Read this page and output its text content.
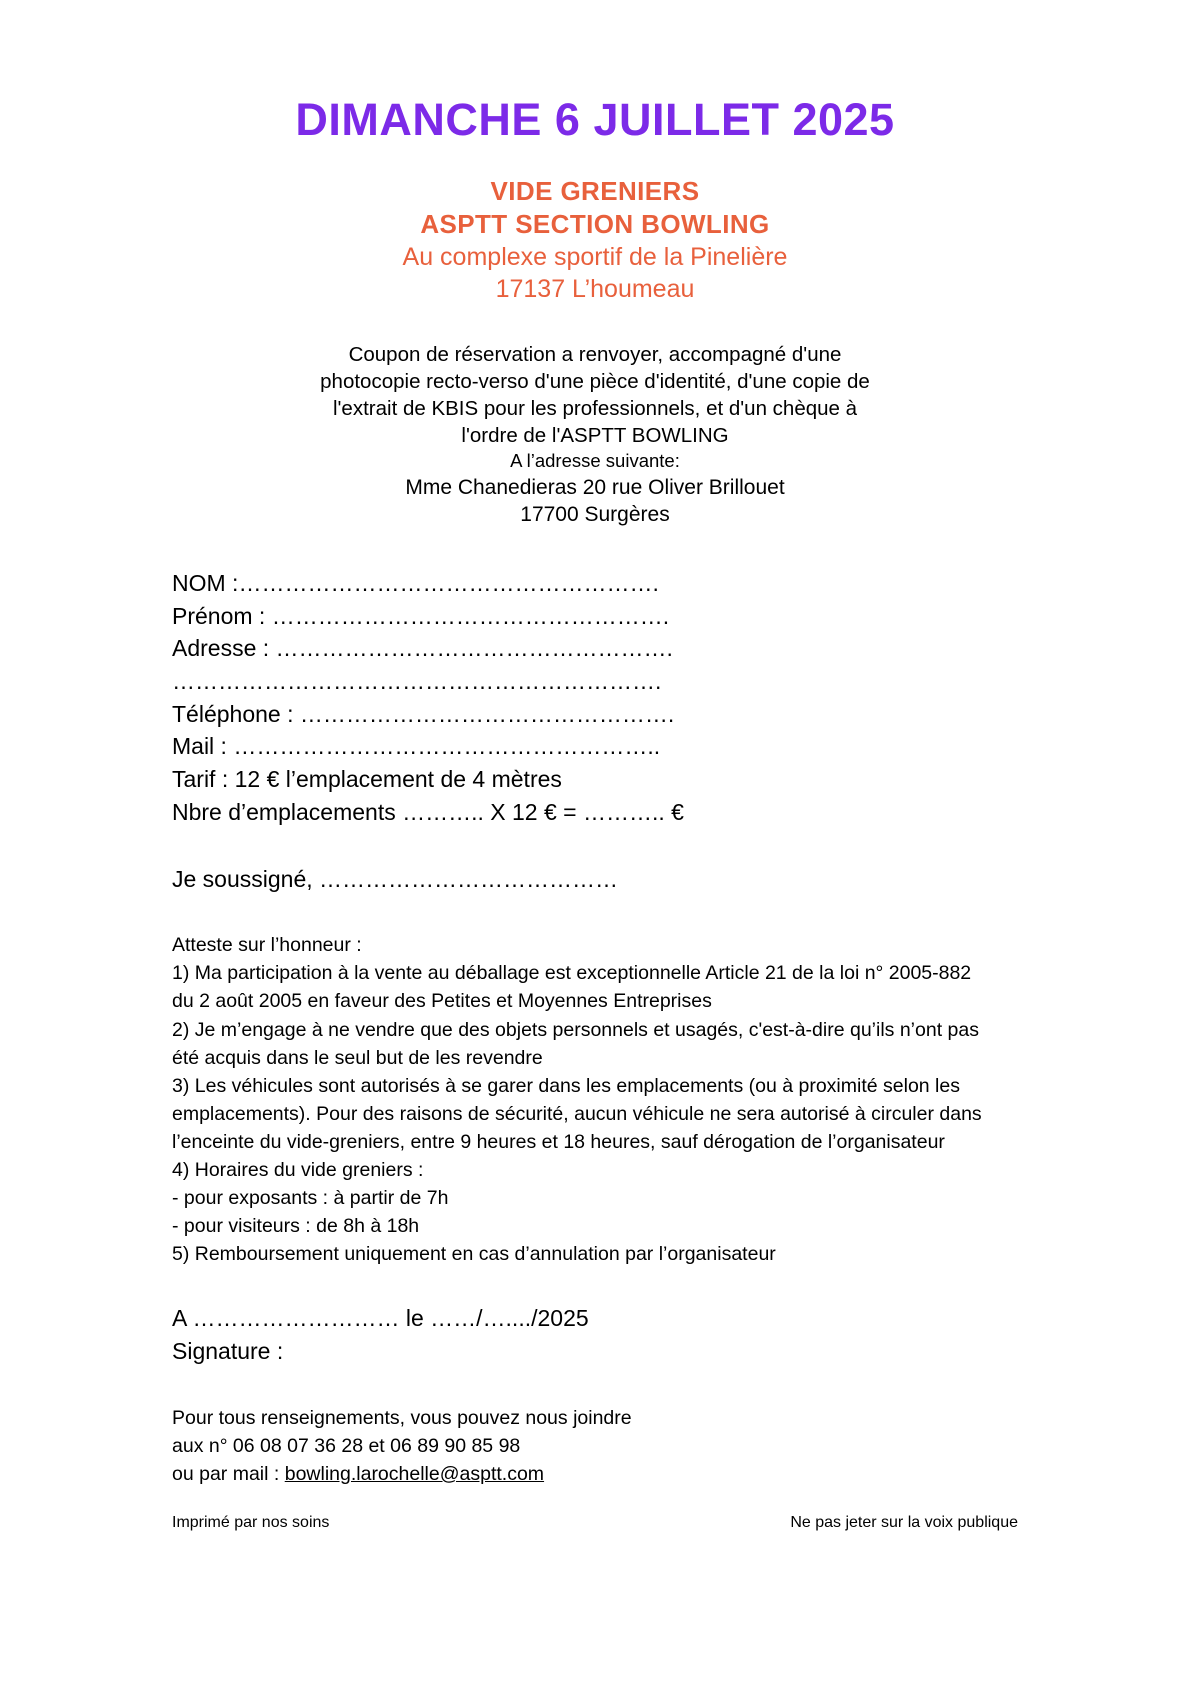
DIMANCHE 6 JUILLET 2025
VIDE GRENIERS
ASPTT SECTION BOWLING
Au complexe sportif de la Pinelière
17137 L’houmeau
Coupon de réservation a renvoyer, accompagné d'une
photocopie recto-verso d'une pièce d'identité, d'une copie de
l'extrait de KBIS pour les professionnels, et d'un chèque à
l'ordre de l'ASPTT BOWLING
A l’adresse suivante:
Mme Chanedieras 20 rue Oliver Brillouet
17700 Surgères
NOM :……………………………………………….
Prénom : …………………………………………….
Adresse : …………………………………………….
……………………………………………………….
Téléphone : ………………………………………….
Mail : ………………………………………………..
Tarif : 12 € l’emplacement de 4 mètres
Nbre d’emplacements ……….. X 12 € = ……….. €
Je soussigné, …………………………………
Atteste sur l’honneur :
1) Ma participation à la vente au déballage est exceptionnelle Article 21 de la loi n° 2005-882
du 2 août 2005 en faveur des Petites et Moyennes Entreprises
2) Je m’engage à ne vendre que des objets personnels et usagés, c'est-à-dire qu’ils n’ont pas
été acquis dans le seul but de les revendre
3) Les véhicules sont autorisés à se garer dans les emplacements (ou à proximité selon les
emplacements). Pour des raisons de sécurité, aucun véhicule ne sera autorisé à circuler dans
l’enceinte du vide-greniers, entre 9 heures et 18 heures, sauf dérogation de l’organisateur
4) Horaires du vide greniers :
- pour exposants : à partir de 7h
- pour visiteurs : de 8h à 18h
5) Remboursement uniquement en cas d’annulation par l’organisateur
A ……………………… le ……/…..../2025
Signature :
Pour tous renseignements, vous pouvez nous joindre
aux n° 06 08 07 36 28 et 06 89 90 85 98
ou par mail : bowling.larochelle@asptt.com
Imprimé par nos soins	Ne pas jeter sur la voix publique
